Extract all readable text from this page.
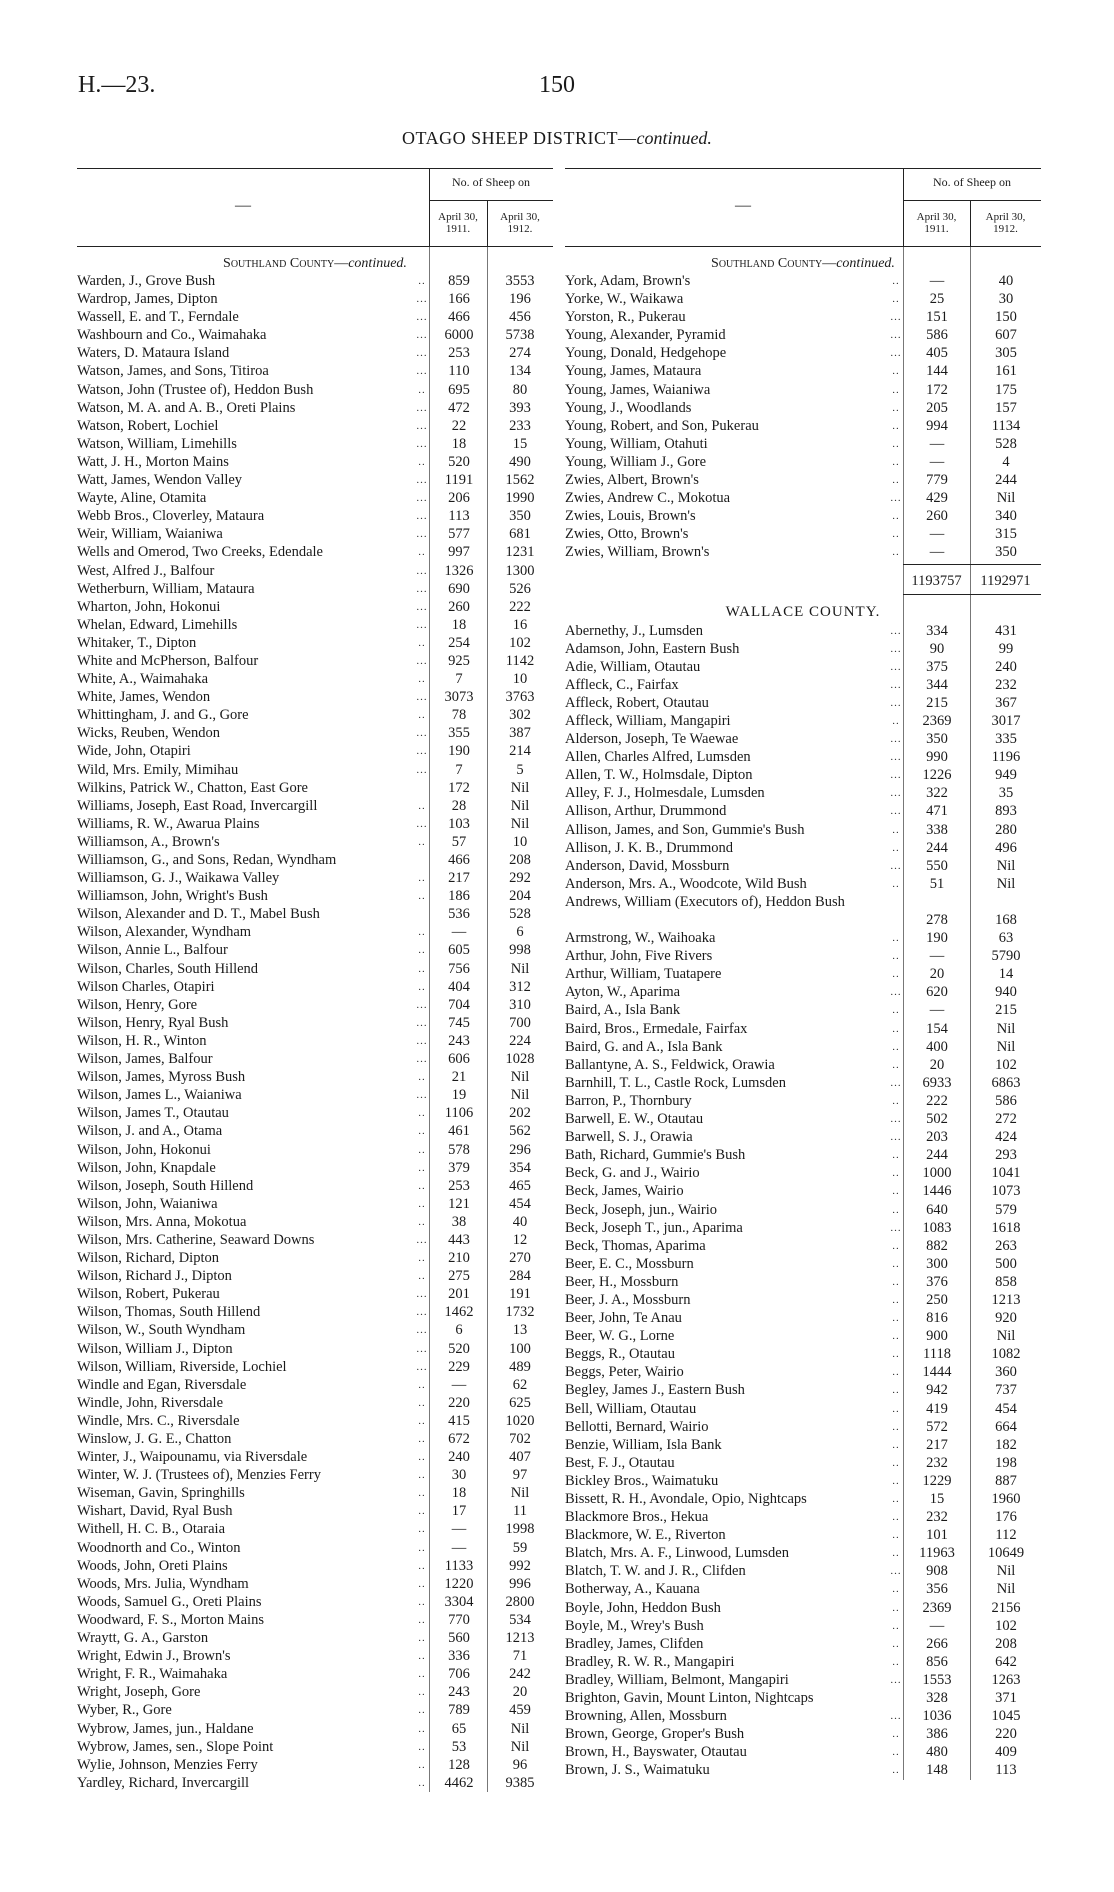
H.—23.	150
OTAGO SHEEP DISTRICT—continued.
—
No. of Sheep on
April 30,
1911.
April 30,
1912.
Southland County—continued.
Warden, J., Grove Bush	..	859	3553
Wardrop, James, Dipton	...	166	196
Wassell, E. and T., Ferndale	...	466	456
Washbourn and Co., Waimahaka	...	6000	5738
Waters, D. Mataura Island	...	253	274
Watson, James, and Sons, Titiroa	...	110	134
Watson, John (Trustee of), Heddon Bush	..	695	80
Watson, M. A. and A. B., Oreti Plains	...	472	393
Watson, Robert, Lochiel	...	22	233
Watson, William, Limehills	...	18	15
Watt, J. H., Morton Mains	..	520	490
Watt, James, Wendon Valley	...	1191	1562
Wayte, Aline, Otamita	...	206	1990
Webb Bros., Cloverley, Mataura	...	113	350
Weir, William, Waianiwa	...	577	681
Wells and Omerod, Two Creeks, Edendale	..	997	1231
West, Alfred J., Balfour	...	1326	1300
Wetherburn, William, Mataura	...	690	526
Wharton, John, Hokonui	...	260	222
Whelan, Edward, Limehills	...	18	16
Whitaker, T., Dipton	..	254	102
White and McPherson, Balfour	...	925	1142
White, A., Waimahaka	..	7	10
White, James, Wendon	...	3073	3763
Whittingham, J. and G., Gore	..	78	302
Wicks, Reuben, Wendon	...	355	387
Wide, John, Otapiri	...	190	214
Wild, Mrs. Emily, Mimihau	...	7	5
Wilkins, Patrick W., Chatton, East Gore	172	Nil
Williams, Joseph, East Road, Invercargill	..	28	Nil
Williams, R. W., Awarua Plains	...	103	Nil
Williamson, A., Brown's	..	57	10
Williamson, G., and Sons, Redan, Wyndham	466	208
Williamson, G. J., Waikawa Valley	..	217	292
Williamson, John, Wright's Bush	..	186	204
Wilson, Alexander and D. T., Mabel Bush	536	528
Wilson, Alexander, Wyndham	..	—	6
Wilson, Annie L., Balfour	..	605	998
Wilson, Charles, South Hillend	..	756	Nil
Wilson Charles, Otapiri	..	404	312
Wilson, Henry, Gore	...	704	310
Wilson, Henry, Ryal Bush	...	745	700
Wilson, H. R., Winton	...	243	224
Wilson, James, Balfour	...	606	1028
Wilson, James, Myross Bush	..	21	Nil
Wilson, James L., Waianiwa	...	19	Nil
Wilson, James T., Otautau	..	1106	202
Wilson, J. and A., Otama	..	461	562
Wilson, John, Hokonui	..	578	296
Wilson, John, Knapdale	..	379	354
Wilson, Joseph, South Hillend	..	253	465
Wilson, John, Waianiwa	..	121	454
Wilson, Mrs. Anna, Mokotua	..	38	40
Wilson, Mrs. Catherine, Seaward Downs	...	443	12
Wilson, Richard, Dipton	..	210	270
Wilson, Richard J., Dipton	..	275	284
Wilson, Robert, Pukerau	...	201	191
Wilson, Thomas, South Hillend	...	1462	1732
Wilson, W., South Wyndham	...	6	13
Wilson, William J., Dipton	...	520	100
Wilson, William, Riverside, Lochiel	...	229	489
Windle and Egan, Riversdale	..	—	62
Windle, John, Riversdale	..	220	625
Windle, Mrs. C., Riversdale	..	415	1020
Winslow, J. G. E., Chatton	..	672	702
Winter, J., Waipounamu, via Riversdale	..	240	407
Winter, W. J. (Trustees of), Menzies Ferry	..	30	97
Wiseman, Gavin, Springhills	..	18	Nil
Wishart, David, Ryal Bush	..	17	11
Withell, H. C. B., Otaraia	..	—	1998
Woodnorth and Co., Winton	..	—	59
Woods, John, Oreti Plains	..	1133	992
Woods, Mrs. Julia, Wyndham	..	1220	996
Woods, Samuel G., Oreti Plains	..	3304	2800
Woodward, F. S., Morton Mains	..	770	534
Wraytt, G. A., Garston	..	560	1213
Wright, Edwin J., Brown's	..	336	71
Wright, F. R., Waimahaka	..	706	242
Wright, Joseph, Gore	..	243	20
Wyber, R., Gore	..	789	459
Wybrow, James, jun., Haldane	..	65	Nil
Wybrow, James, sen., Slope Point	..	53	Nil
Wylie, Johnson, Menzies Ferry	..	128	96
Yardley, Richard, Invercargill	..	4462	9385
—
No. of Sheep on
April 30,
1911.
April 30,
1912.
Southland County—continued.
York, Adam, Brown's	..	—	40
Yorke, W., Waikawa	..	25	30
Yorston, R., Pukerau	...	151	150
Young, Alexander, Pyramid	...	586	607
Young, Donald, Hedgehope	...	405	305
Young, James, Mataura	..	144	161
Young, James, Waianiwa	..	172	175
Young, J., Woodlands	..	205	157
Young, Robert, and Son, Pukerau	..	994	1134
Young, William, Otahuti	..	—	528
Young, William J., Gore	..	—	4
Zwies, Albert, Brown's	..	779	244
Zwies, Andrew C., Mokotua	...	429	Nil
Zwies, Louis, Brown's	..	260	340
Zwies, Otto, Brown's	..	—	315
Zwies, William, Brown's	..	—	350
1193757	1192971
WALLACE COUNTY.
Abernethy, J., Lumsden	...	334	431
Adamson, John, Eastern Bush	...	90	99
Adie, William, Otautau	...	375	240
Affleck, C., Fairfax	...	344	232
Affleck, Robert, Otautau	...	215	367
Affleck, William, Mangapiri	..	2369	3017
Alderson, Joseph, Te Waewae	...	350	335
Allen, Charles Alfred, Lumsden	...	990	1196
Allen, T. W., Holmsdale, Dipton	...	1226	949
Alley, F. J., Holmesdale, Lumsden	...	322	35
Allison, Arthur, Drummond	...	471	893
Allison, James, and Son, Gummie's Bush	..	338	280
Allison, J. K. B., Drummond	..	244	496
Anderson, David, Mossburn	...	550	Nil
Anderson, Mrs. A., Woodcote, Wild Bush	..	51	Nil
Andrews, William (Executors of), Heddon Bush
278	168
Armstrong, W., Waihoaka	..	190	63
Arthur, John, Five Rivers	..	—	5790
Arthur, William, Tuatapere	..	20	14
Ayton, W., Aparima	...	620	940
Baird, A., Isla Bank	..	—	215
Baird, Bros., Ermedale, Fairfax	..	154	Nil
Baird, G. and A., Isla Bank	..	400	Nil
Ballantyne, A. S., Feldwick, Orawia	..	20	102
Barnhill, T. L., Castle Rock, Lumsden	...	6933	6863
Barron, P., Thornbury	..	222	586
Barwell, E. W., Otautau	...	502	272
Barwell, S. J., Orawia	...	203	424
Bath, Richard, Gummie's Bush	..	244	293
Beck, G. and J., Wairio	..	1000	1041
Beck, James, Wairio	..	1446	1073
Beck, Joseph, jun., Wairio	..	640	579
Beck, Joseph T., jun., Aparima	...	1083	1618
Beck, Thomas, Aparima	..	882	263
Beer, E. C., Mossburn	..	300	500
Beer, H., Mossburn	..	376	858
Beer, J. A., Mossburn	..	250	1213
Beer, John, Te Anau	..	816	920
Beer, W. G., Lorne	..	900	Nil
Beggs, R., Otautau	..	1118	1082
Beggs, Peter, Wairio	..	1444	360
Begley, James J., Eastern Bush	..	942	737
Bell, William, Otautau	..	419	454
Bellotti, Bernard, Wairio	..	572	664
Benzie, William, Isla Bank	..	217	182
Best, F. J., Otautau	..	232	198
Bickley Bros., Waimatuku	..	1229	887
Bissett, R. H., Avondale, Opio, Nightcaps	..	15	1960
Blackmore Bros., Hekua	..	232	176
Blackmore, W. E., Riverton	..	101	112
Blatch, Mrs. A. F., Linwood, Lumsden	..	11963	10649
Blatch, T. W. and J. R., Clifden	...	908	Nil
Botherway, A., Kauana	..	356	Nil
Boyle, John, Heddon Bush	..	2369	2156
Boyle, M., Wrey's Bush	..	—	102
Bradley, James, Clifden	..	266	208
Bradley, R. W. R., Mangapiri	..	856	642
Bradley, William, Belmont, Mangapiri	...	1553	1263
Brighton, Gavin, Mount Linton, Nightcaps	328	371
Browning, Allen, Mossburn	...	1036	1045
Brown, George, Groper's Bush	..	386	220
Brown, H., Bayswater, Otautau	..	480	409
Brown, J. S., Waimatuku	..	148	113
